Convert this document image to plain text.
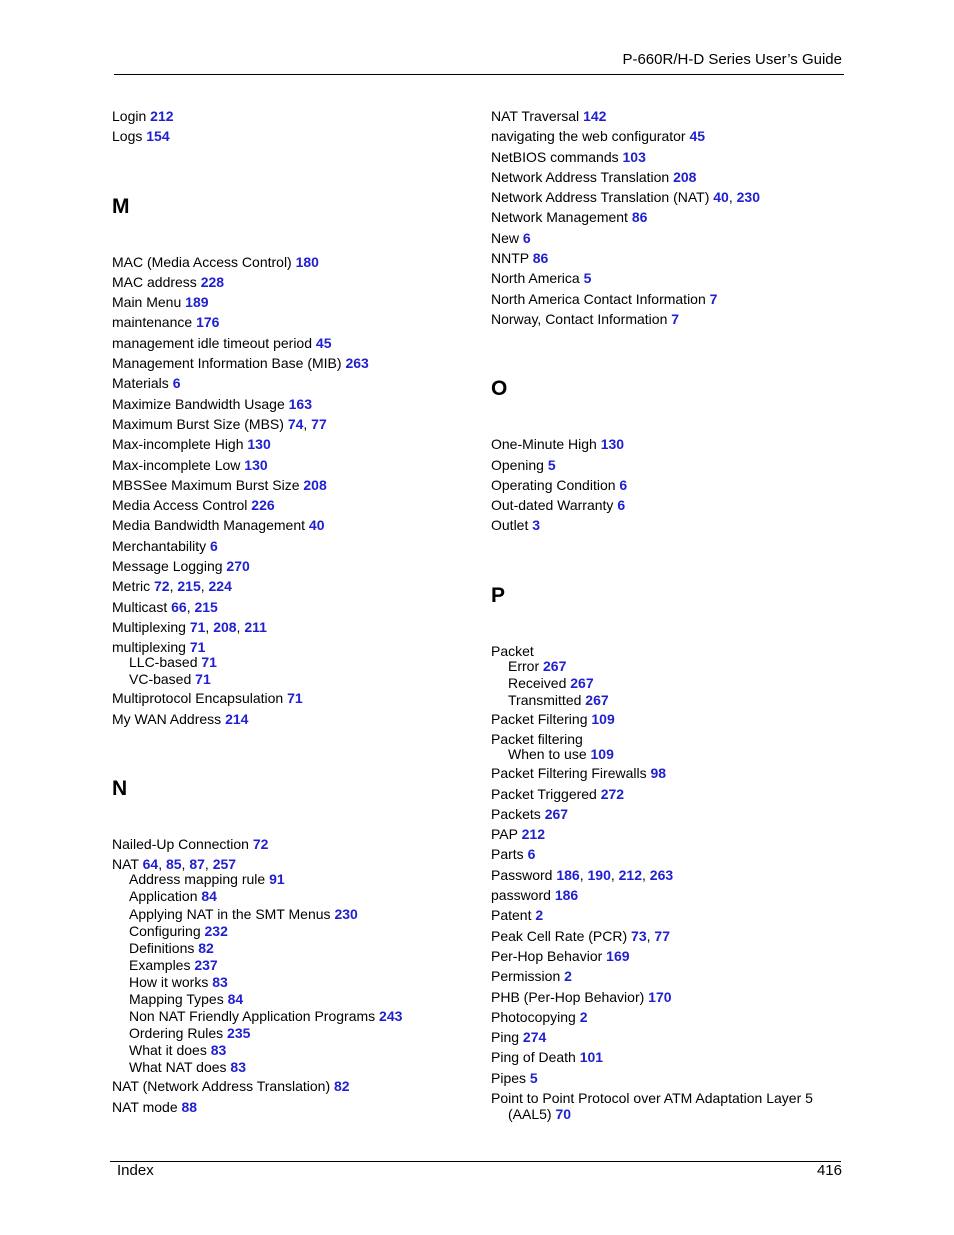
P-660R/H-D Series User’s Guide
Login 212
Logs 154
M
MAC (Media Access Control) 180
MAC address 228
Main Menu 189
maintenance 176
management idle timeout period 45
Management Information Base (MIB) 263
Materials 6
Maximize Bandwidth Usage 163
Maximum Burst Size (MBS) 74, 77
Max-incomplete High 130
Max-incomplete Low 130
MBSSee Maximum Burst Size 208
Media Access Control 226
Media Bandwidth Management 40
Merchantability 6
Message Logging 270
Metric 72, 215, 224
Multicast 66, 215
Multiplexing 71, 208, 211
multiplexing 71
LLC-based 71
VC-based 71
Multiprotocol Encapsulation 71
My WAN Address 214
N
Nailed-Up Connection 72
NAT 64, 85, 87, 257
Address mapping rule 91
Application 84
Applying NAT in the SMT Menus 230
Configuring 232
Definitions 82
Examples 237
How it works 83
Mapping Types 84
Non NAT Friendly Application Programs 243
Ordering Rules 235
What it does 83
What NAT does 83
NAT (Network Address Translation) 82
NAT mode 88
NAT Traversal 142
navigating the web configurator 45
NetBIOS commands 103
Network Address Translation 208
Network Address Translation (NAT) 40, 230
Network Management 86
New 6
NNTP 86
North America 5
North America Contact Information 7
Norway, Contact Information 7
O
One-Minute High 130
Opening 5
Operating Condition 6
Out-dated Warranty 6
Outlet 3
P
Packet
Error 267
Received 267
Transmitted 267
Packet Filtering 109
Packet filtering
When to use 109
Packet Filtering Firewalls 98
Packet Triggered 272
Packets 267
PAP 212
Parts 6
Password 186, 190, 212, 263
password 186
Patent 2
Peak Cell Rate (PCR) 73, 77
Per-Hop Behavior 169
Permission 2
PHB (Per-Hop Behavior) 170
Photocopying 2
Ping 274
Ping of Death 101
Pipes 5
Point to Point Protocol over ATM Adaptation Layer 5
(AAL5) 70
Index	416
